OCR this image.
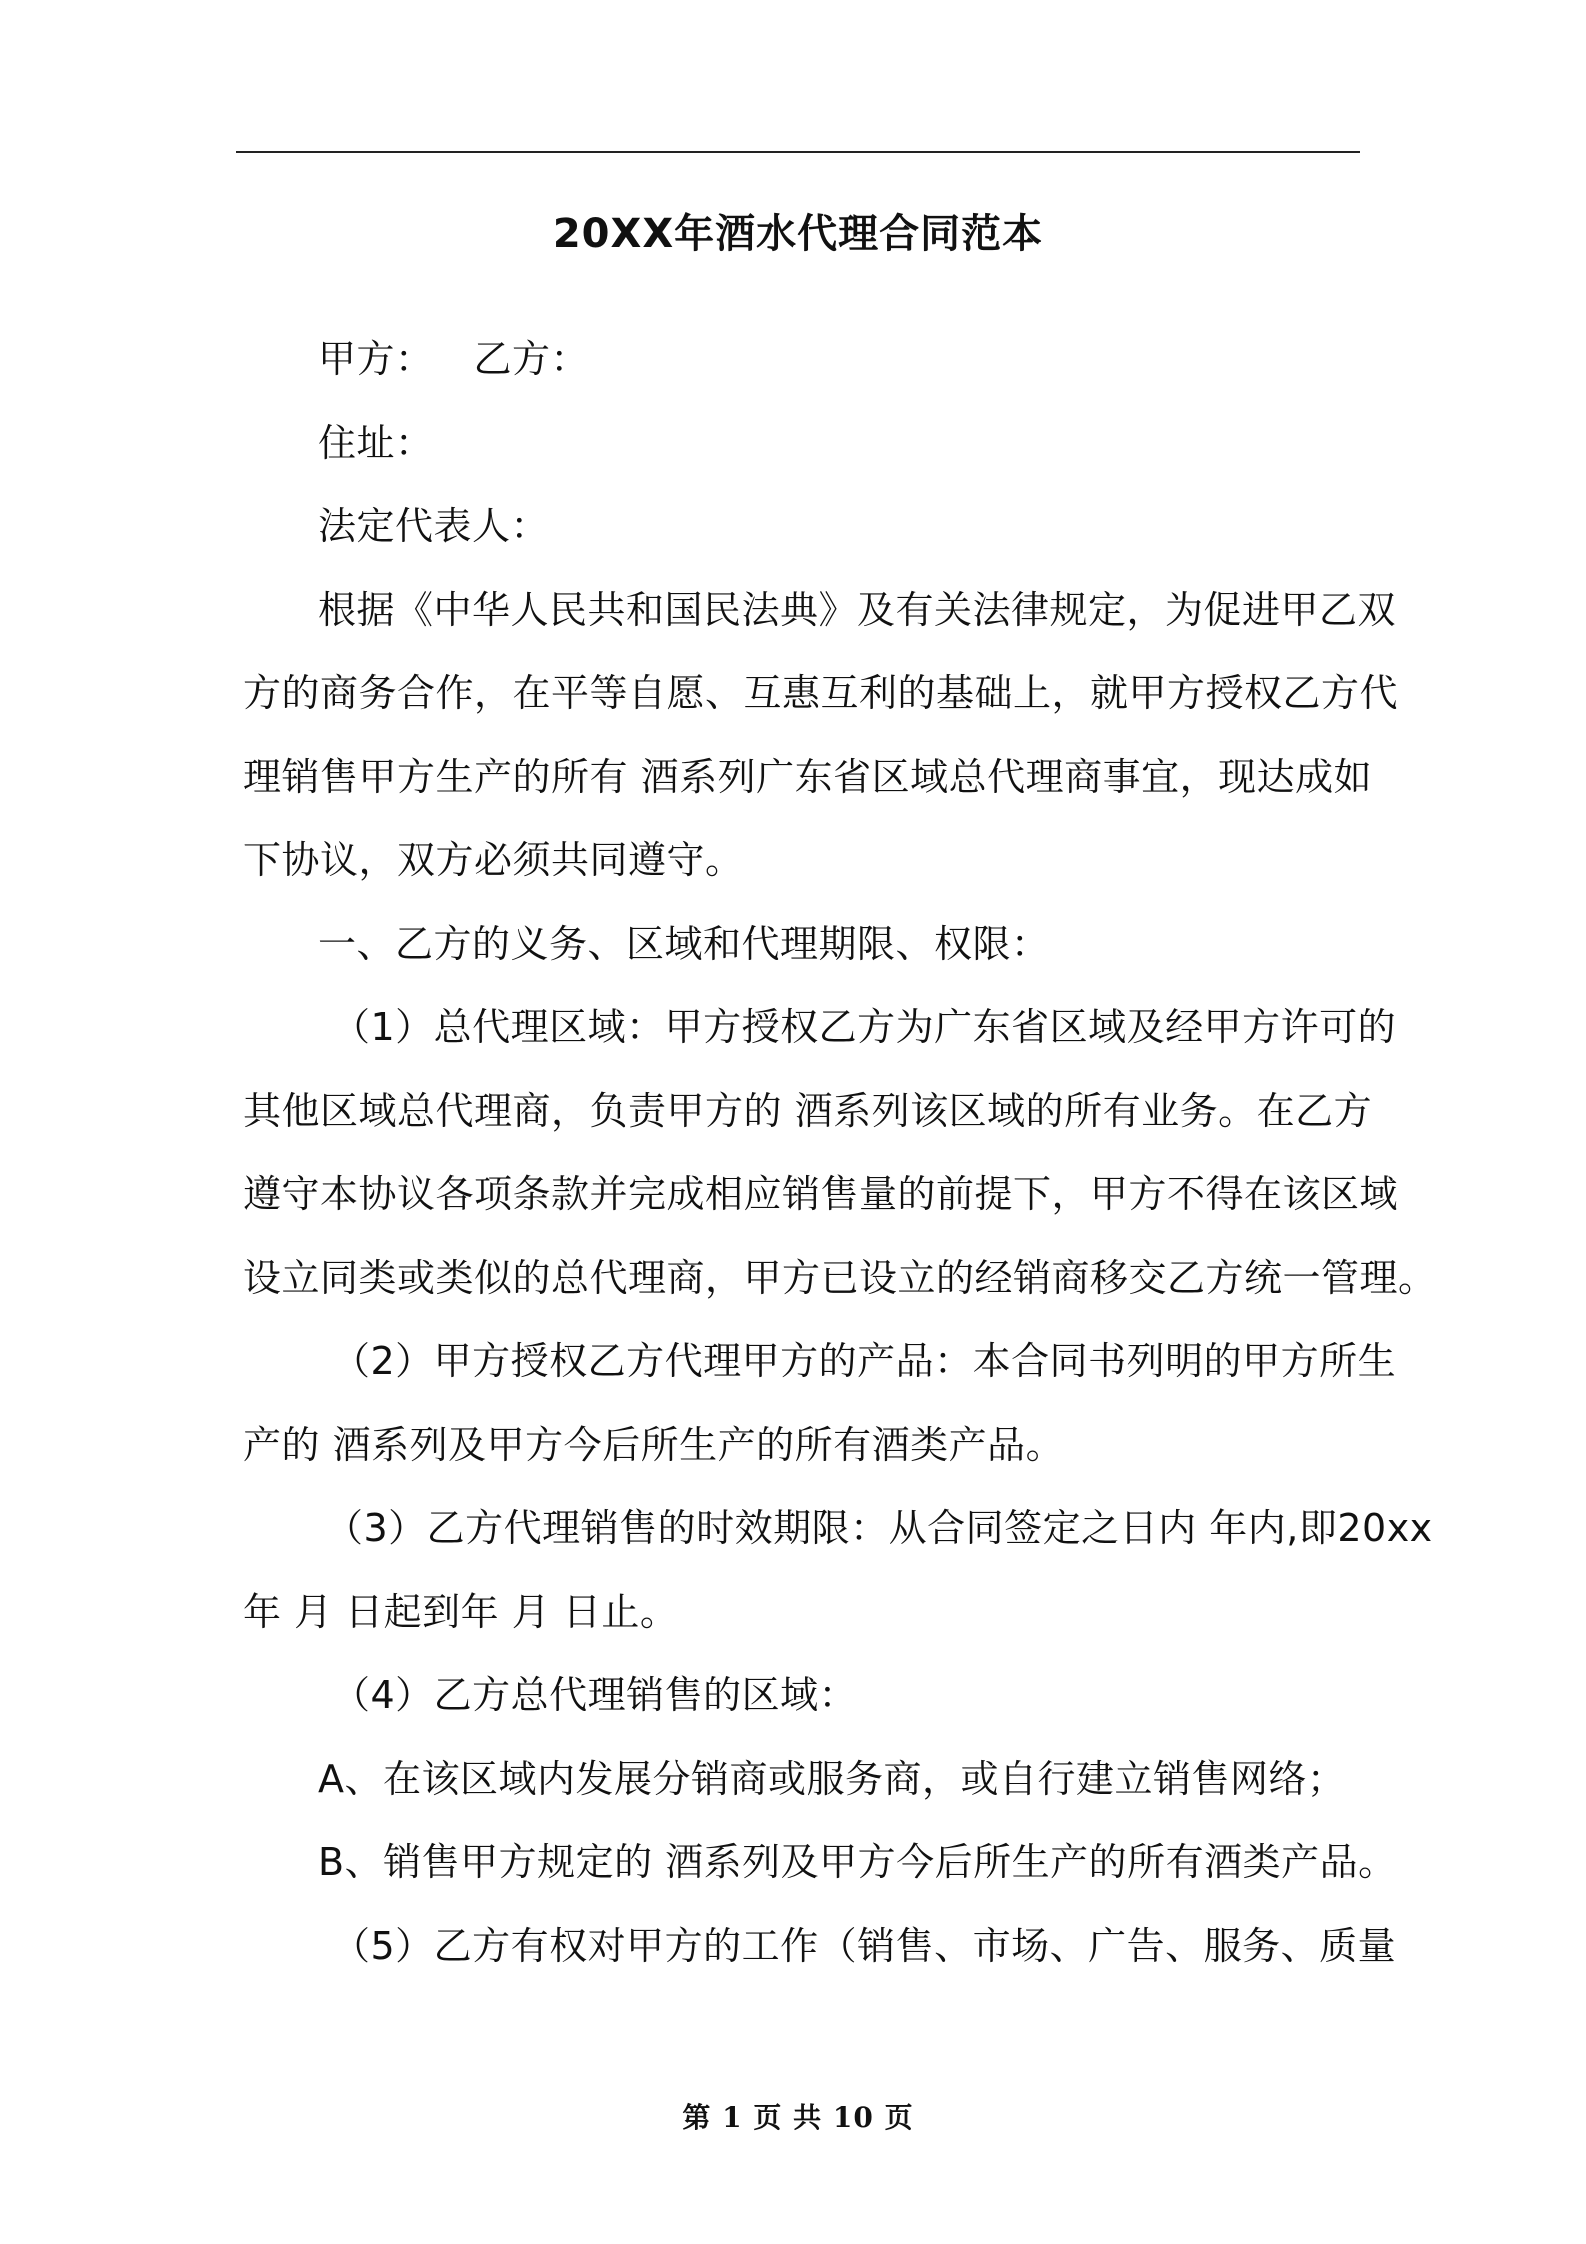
20XX年酒水代理合同范本

甲方： 乙方：

住址：

法定代表人：

根据《中华人民共和国民法典》及有关法律规定，为促进甲乙双

方的商务合作，在平等自愿、互惠互利的基础上，就甲方授权乙方代

理销售甲方生产的所有 酒系列广东省区域总代理商事宜，现达成如

下协议，双方必须共同遵守。

一、乙方的义务、区域和代理期限、权限：

（1）总代理区域：甲方授权乙方为广东省区域及经甲方许可的

其他区域总代理商，负责甲方的 酒系列该区域的所有业务。在乙方

遵守本协议各项条款并完成相应销售量的前提下，甲方不得在该区域

设立同类或类似的总代理商，甲方已设立的经销商移交乙方统一管理。

（2）甲方授权乙方代理甲方的产品：本合同书列明的甲方所生

产的 酒系列及甲方今后所生产的所有酒类产品。

（3）乙方代理销售的时效期限：从合同签定之日内 年内,即20xx

年 月 日起到年 月 日止。

（4）乙方总代理销售的区域：

A、在该区域内发展分销商或服务商，或自行建立销售网络；

B、销售甲方规定的 酒系列及甲方今后所生产的所有酒类产品。

（5）乙方有权对甲方的工作（销售、市场、广告、服务、质量

第 1 页 共 10 页
